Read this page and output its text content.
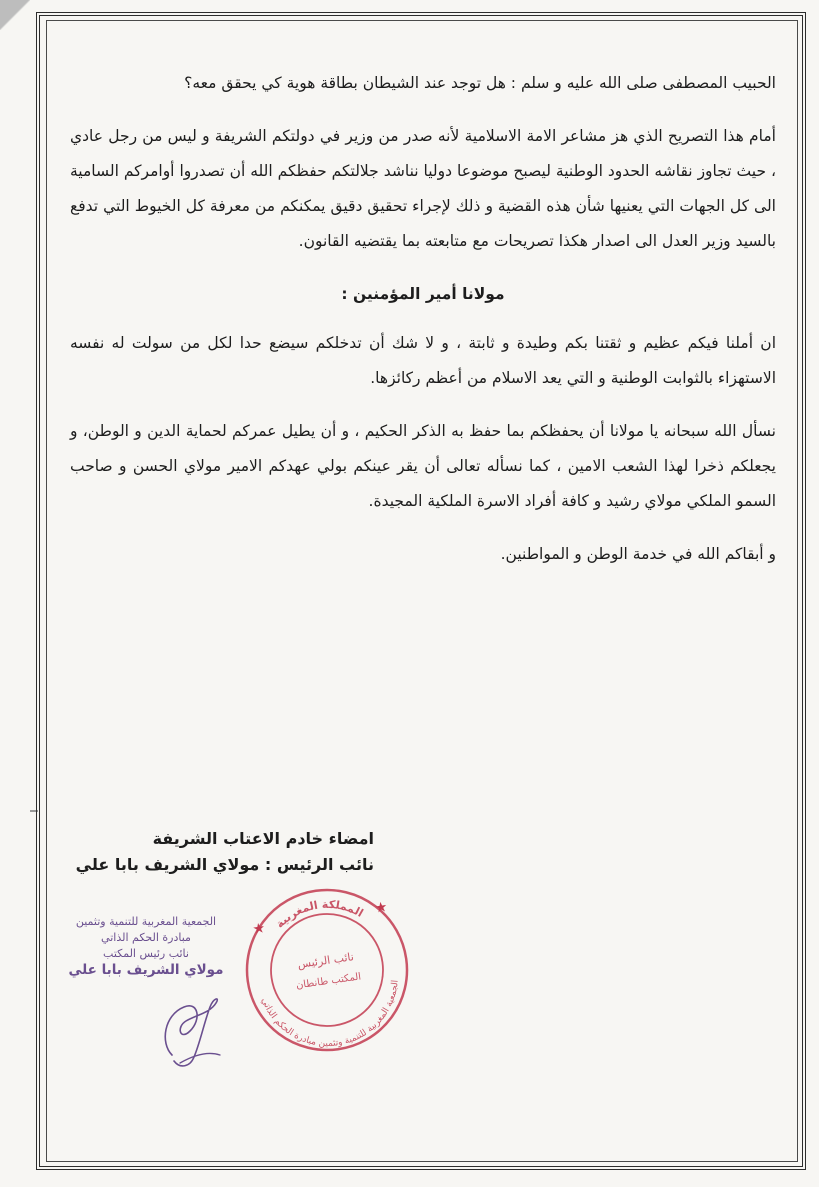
الحبيب المصطفى صلى الله عليه و سلم : هل توجد عند الشيطان بطاقة هوية كي يحقق معه؟

أمام هذا التصريح الذي هز مشاعر الامة الاسلامية لأنه صدر من وزير في دولتكم الشريفة و ليس من رجل عادي ، حيث تجاوز نقاشه الحدود الوطنية ليصبح موضوعا دوليا نناشد جلالتكم حفظكم الله أن تصدروا أوامركم السامية الى كل الجهات التي يعنيها شأن هذه القضية و ذلك لإجراء تحقيق دقيق يمكنكم من معرفة كل الخيوط التي تدفع بالسيد وزير العدل الى اصدار هكذا تصريحات مع متابعته بما يقتضيه القانون.

مولانا أمير المؤمنين :

ان أملنا فيكم عظيم و ثقتنا بكم وطيدة و ثابتة ، و لا شك أن تدخلكم سيضع حدا لكل من سولت له نفسه الاستهزاء بالثوابت الوطنية و التي يعد الاسلام من أعظم ركائزها.

نسأل الله سبحانه يا مولانا أن يحفظكم بما حفظ به الذكر الحكيم ، و أن يطيل عمركم لحماية الدين و الوطن، و يجعلكم ذخرا لهذا الشعب الامين ، كما نسأله تعالى أن يقر عينكم بولي عهدكم الامير مولاي الحسن و صاحب السمو الملكي مولاي رشيد و كافة أفراد الاسرة الملكية المجيدة.

و أبقاكم الله في خدمة الوطن و المواطنين.

امضاء خادم الاعتاب الشريفة
نائب الرئيس : مولاي الشريف بابا علي
الجمعية المغربية للتنمية وتثمين
مبادرة الحكم الذاتي
نائب رئيس المكتب
مولاي الشريف بابا علي
المملكة المغربية
الجمعية المغربية للتنمية وتثمين مبادرة الحكم الذاتي
نائب الرئيس
المكتب طانطان
★
★
